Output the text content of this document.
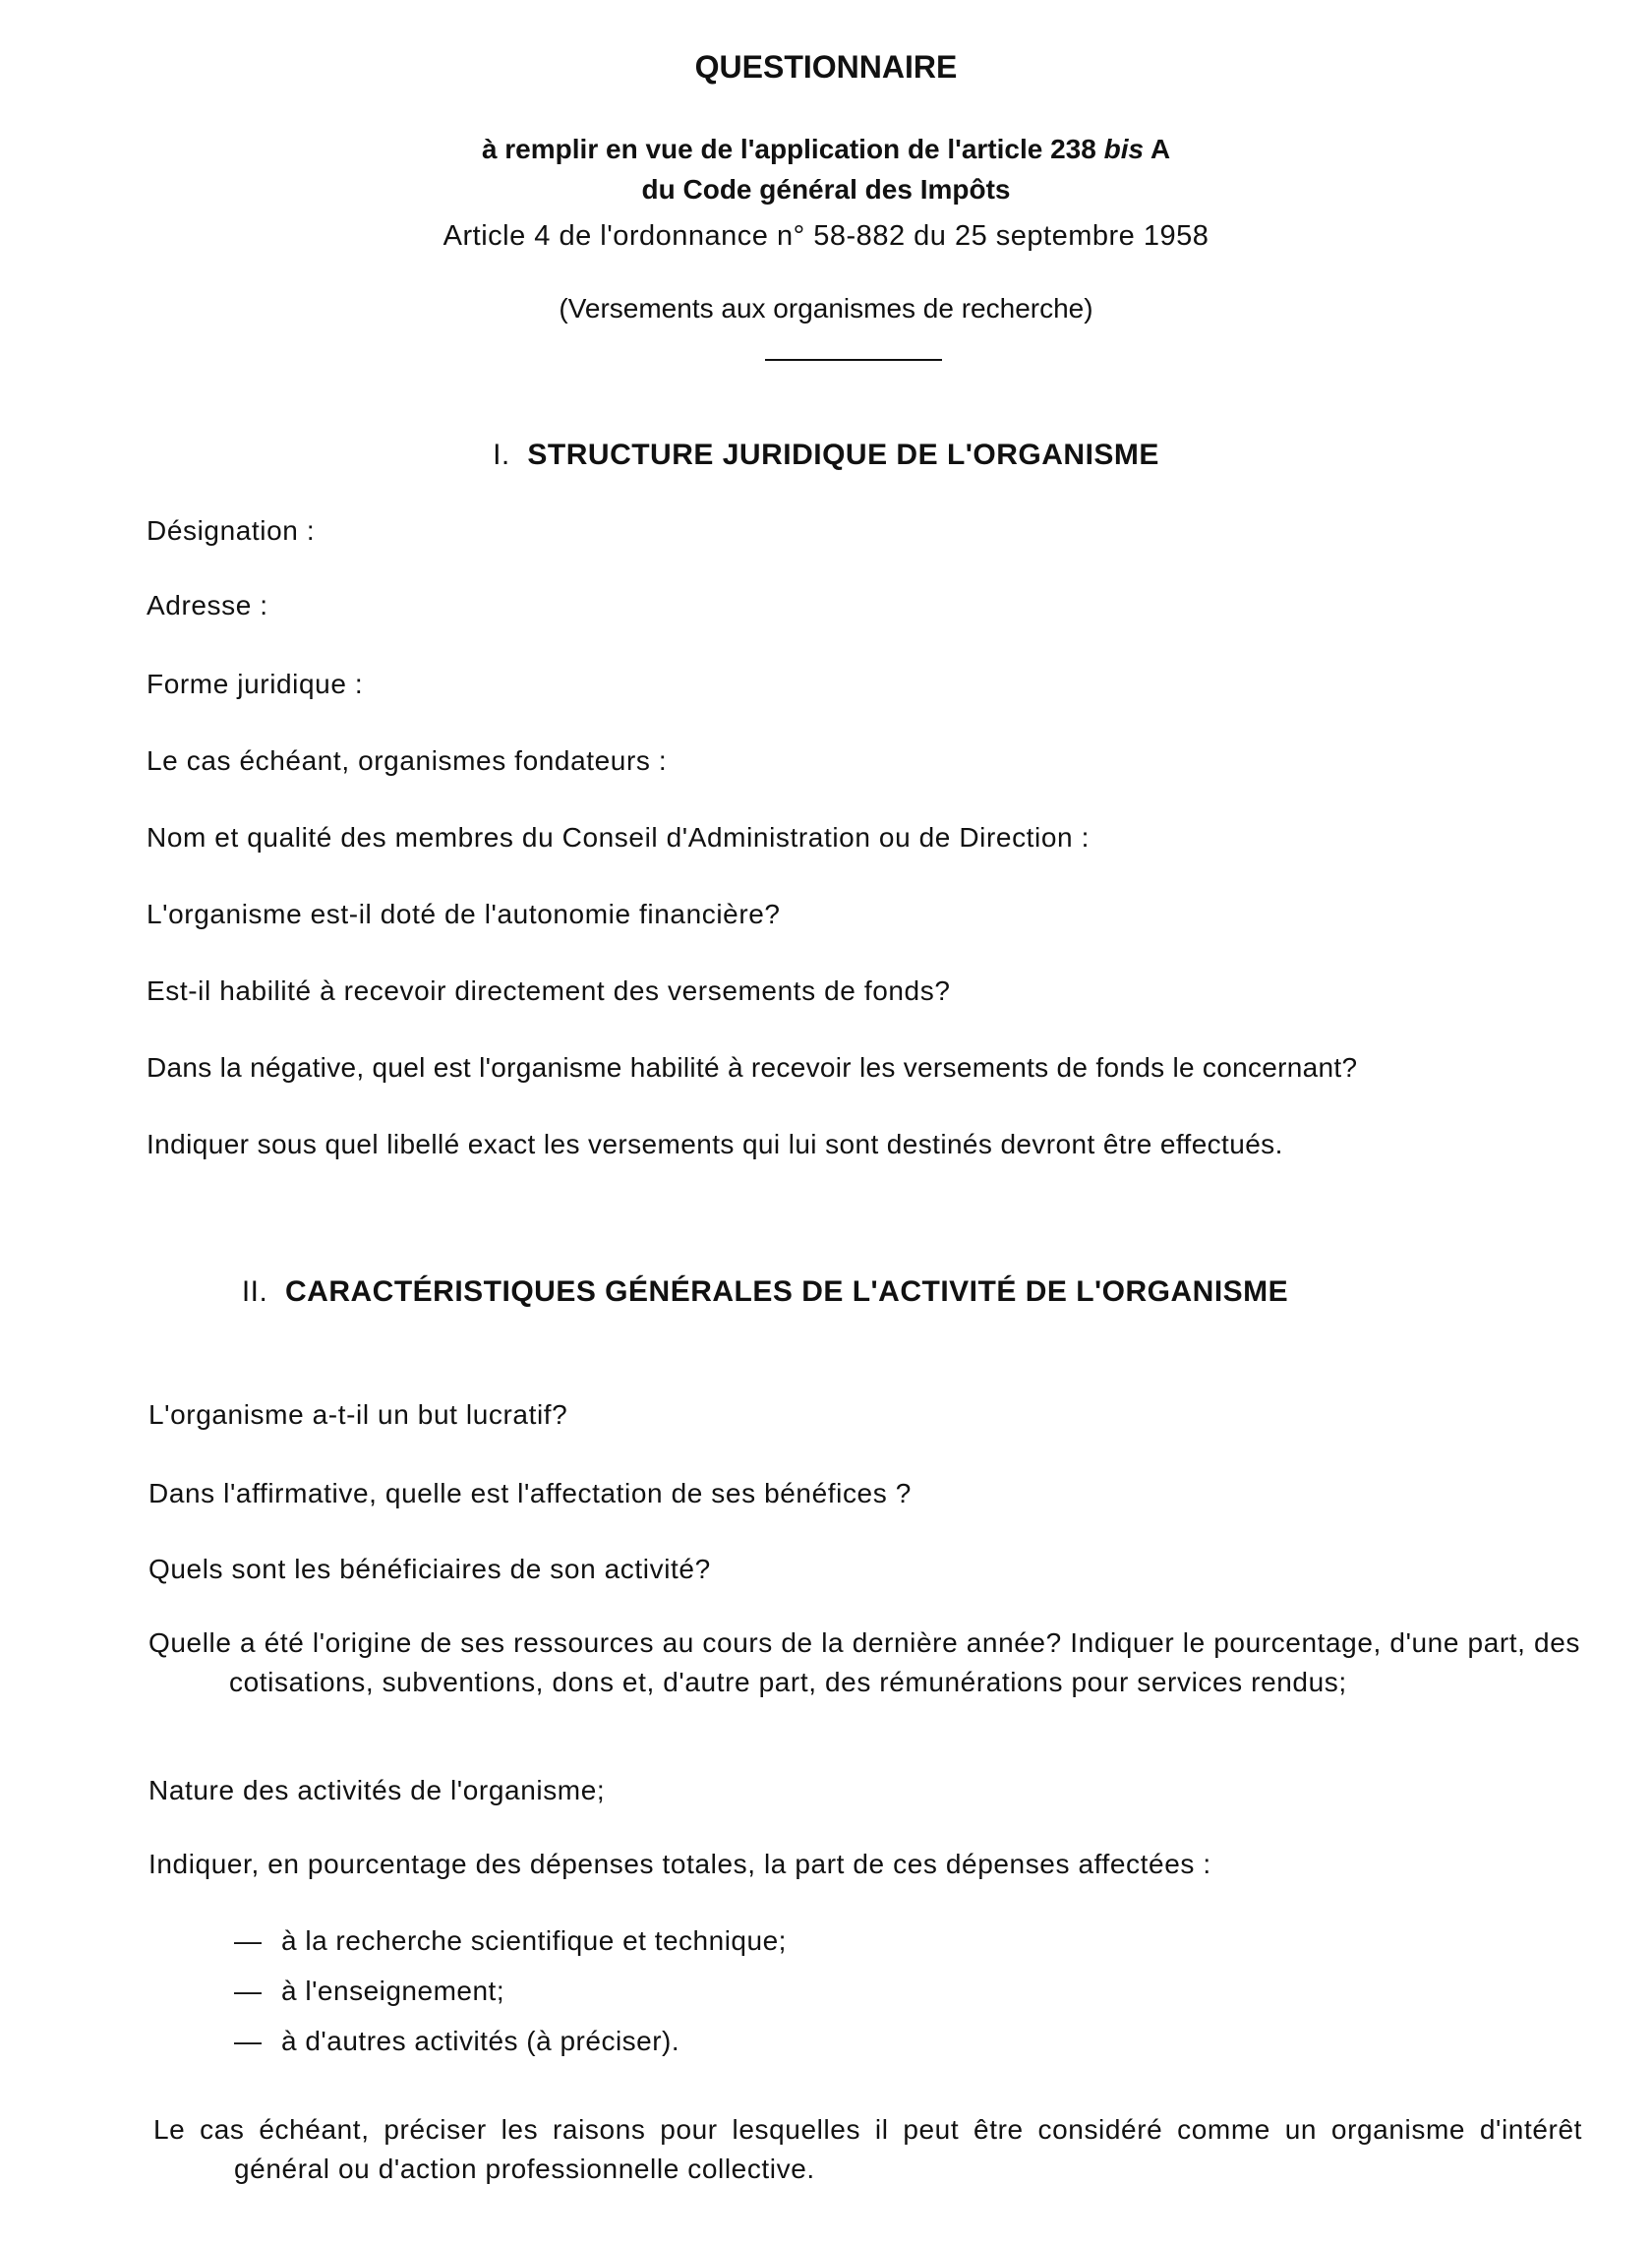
QUESTIONNAIRE
à remplir en vue de l'application de l'article 238 bis A
du Code général des Impôts
Article 4 de l'ordonnance n° 58-882 du 25 septembre 1958
(Versements aux organismes de recherche)
I. STRUCTURE JURIDIQUE DE L'ORGANISME
Désignation :
Adresse :
Forme juridique :
Le cas échéant, organismes fondateurs :
Nom et qualité des membres du Conseil d'Administration ou de Direction :
L'organisme est-il doté de l'autonomie financière?
Est-il habilité à recevoir directement des versements de fonds?
Dans la négative, quel est l'organisme habilité à recevoir les versements de fonds le concernant?
Indiquer sous quel libellé exact les versements qui lui sont destinés devront être effectués.
II. CARACTÉRISTIQUES GÉNÉRALES DE L'ACTIVITÉ DE L'ORGANISME
L'organisme a-t-il un but lucratif?
Dans l'affirmative, quelle est l'affectation de ses bénéfices ?
Quels sont les bénéficiaires de son activité?
Quelle a été l'origine de ses ressources au cours de la dernière année? Indiquer le pourcentage, d'une part, des cotisations, subventions, dons et, d'autre part, des rémunérations pour services rendus;
Nature des activités de l'organisme;
Indiquer, en pourcentage des dépenses totales, la part de ces dépenses affectées :
— à la recherche scientifique et technique;
— à l'enseignement;
— à d'autres activités (à préciser).
Le cas échéant, préciser les raisons pour lesquelles il peut être considéré comme un organisme d'intérêt général ou d'action professionnelle collective.
